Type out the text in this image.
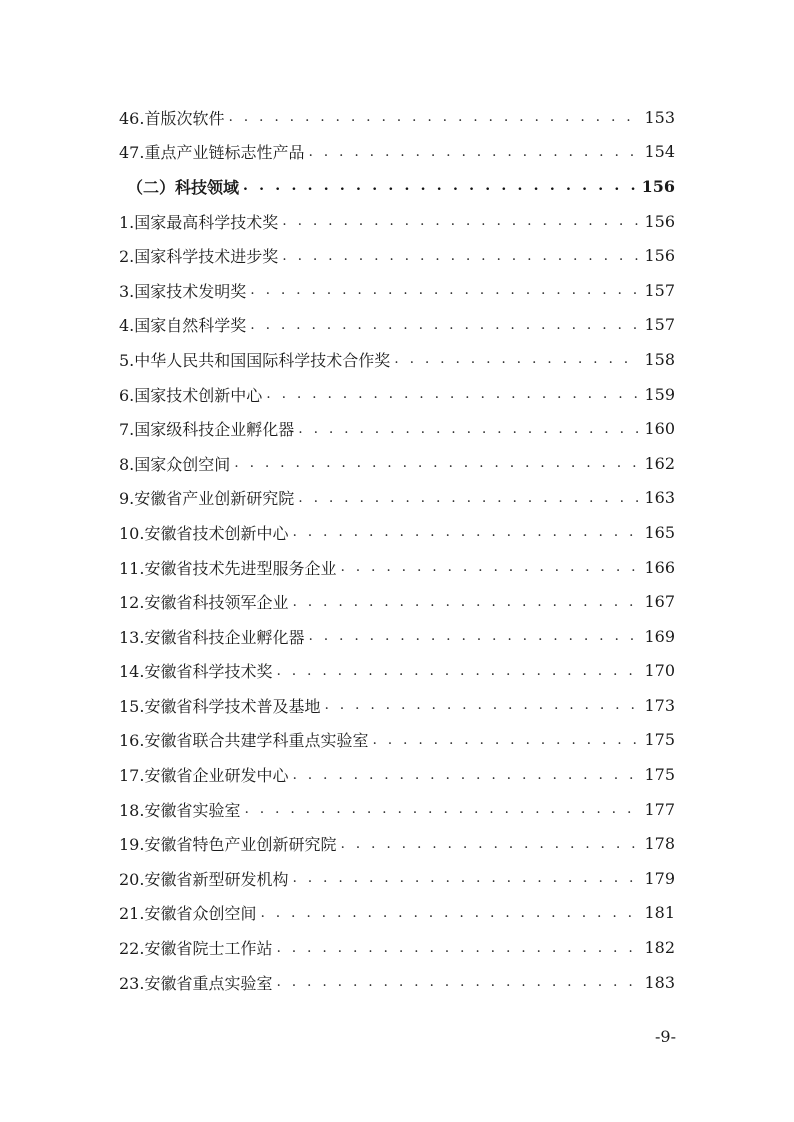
46.首版次软件 . . .	153
47.重点产业链标志性产品 . . .	154
（二）科技领域 . . .	156
1.国家最高科学技术奖 . . .	156
2.国家科学技术进步奖 . . .	156
3.国家技术发明奖 . . .	157
4.国家自然科学奖 . . .	157
5.中华人民共和国国际科学技术合作奖 . . .	158
6.国家技术创新中心 . . .	159
7.国家级科技企业孵化器 . . .	160
8.国家众创空间 . . .	162
9.安徽省产业创新研究院 . . .	163
10.安徽省技术创新中心 . . .	165
11.安徽省技术先进型服务企业 . . .	166
12.安徽省科技领军企业 . . .	167
13.安徽省科技企业孵化器 . . .	169
14.安徽省科学技术奖 . . .	170
15.安徽省科学技术普及基地 . . .	173
16.安徽省联合共建学科重点实验室 . . .	175
17.安徽省企业研发中心 . . .	175
18.安徽省实验室 . . .	177
19.安徽省特色产业创新研究院 . . .	178
20.安徽省新型研发机构 . . .	179
21.安徽省众创空间 . . .	181
22.安徽省院士工作站 . . .	182
23.安徽省重点实验室 . . .	183
-9-
